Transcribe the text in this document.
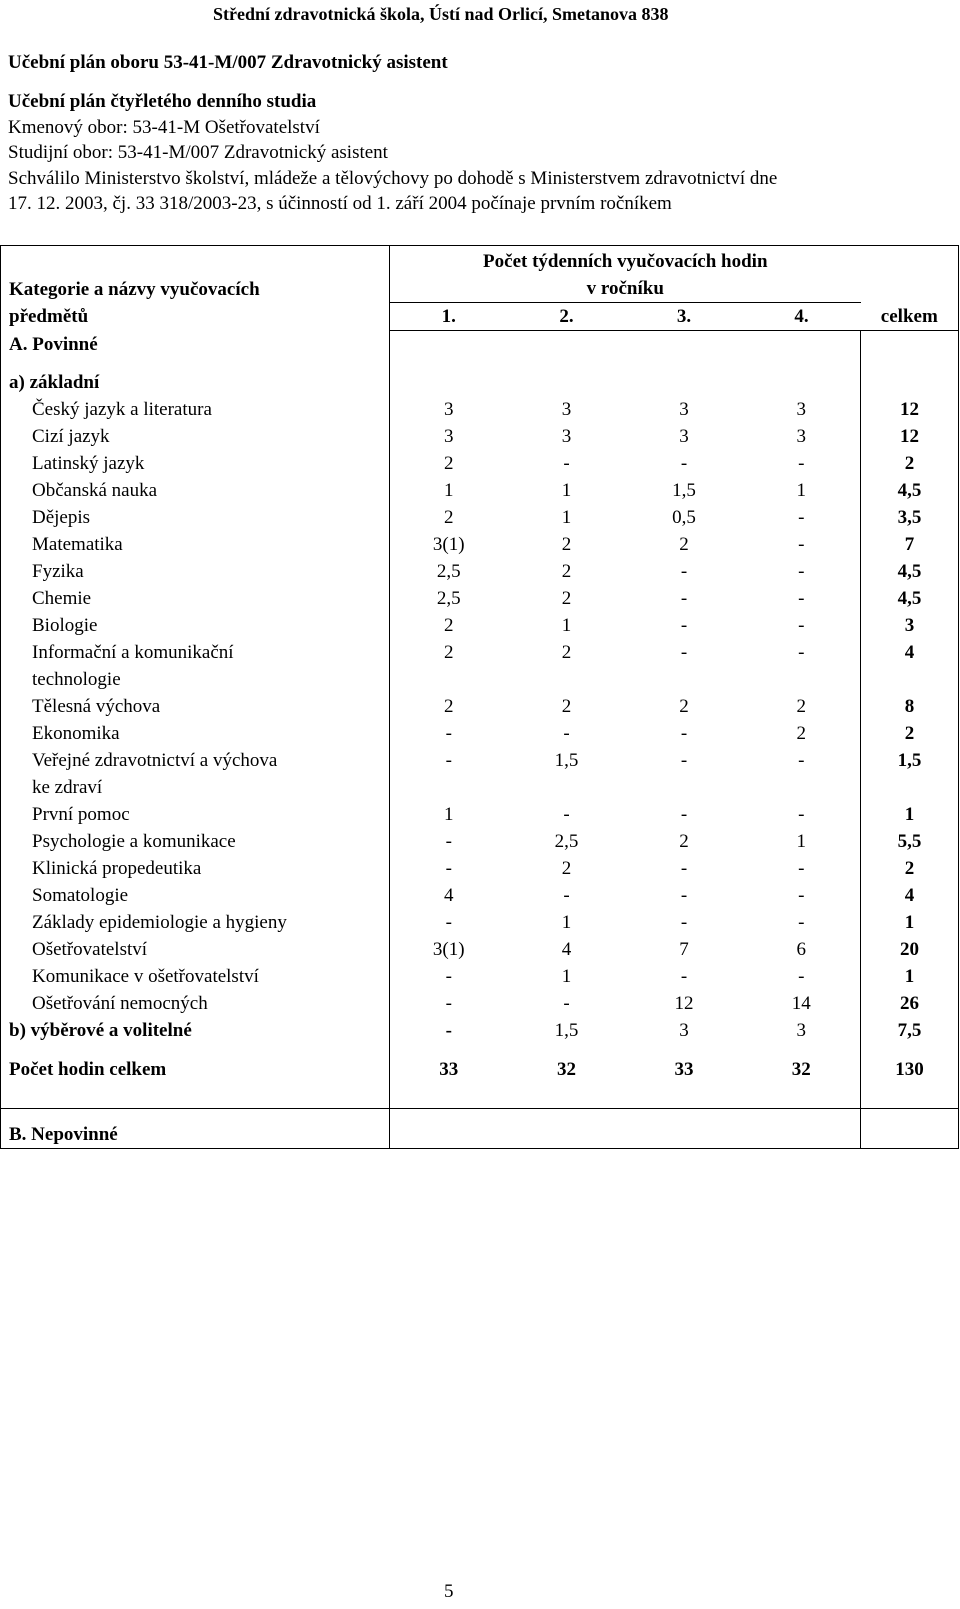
Střední zdravotnická škola, Ústí nad Orlicí, Smetanova 838
Učební plán oboru 53-41-M/007 Zdravotnický asistent
Učební plán čtyřletého denního studia
Kmenový obor: 53-41-M Ošetřovatelství
Studijní obor: 53-41-M/007 Zdravotnický asistent
Schválilo Ministerstvo školství, mládeže a tělovýchovy po dohodě s Ministerstvem zdravotnictví dne
17. 12. 2003, čj. 33 318/2003-23, s účinností od 1. září 2004 počínaje prvním ročníkem
Kategorie a názvy vyučovacích	Počet týdenních vyučovacích hodin
v ročníku				

předmětů	1.	2.	3.	4.	celkem
A. Povinné					
a) základní					

Český jazyk a literatura	3	3	3	3	12

Cizí jazyk	3	3	3	3	12

Latinský jazyk	2	-	-	-	2

Občanská nauka	1	1	1,5	1	4,5

Dějepis	2	1	0,5	-	3,5

Matematika	3(1)	2	2	-	7

Fyzika	2,5	2	-	-	4,5

Chemie	2,5	2	-	-	4,5

Biologie	2	1	-	-	3

Informační a komunikační
technologie	2	2	-	-	4

Tělesná výchova	2	2	2	2	8

Ekonomika	-	-	-	2	2

Veřejné zdravotnictví a výchova
ke zdraví	-	1,5	-	-	1,5

První pomoc	1	-	-	-	1

Psychologie a komunikace	-	2,5	2	1	5,5

Klinická propedeutika	-	2	-	-	2

Somatologie	4	-	-	-	4

Základy epidemiologie a hygieny	-	1	-	-	1

Ošetřovatelství	3(1)	4	7	6	20

Komunikace v ošetřovatelství	-	1	-	-	1

Ošetřování nemocných	-	-	12	14	26
b) výběrové a volitelné	-	1,5	3	3	7,5
Počet hodin celkem	33	32	33	32	130
B. Nepovinné					
5
